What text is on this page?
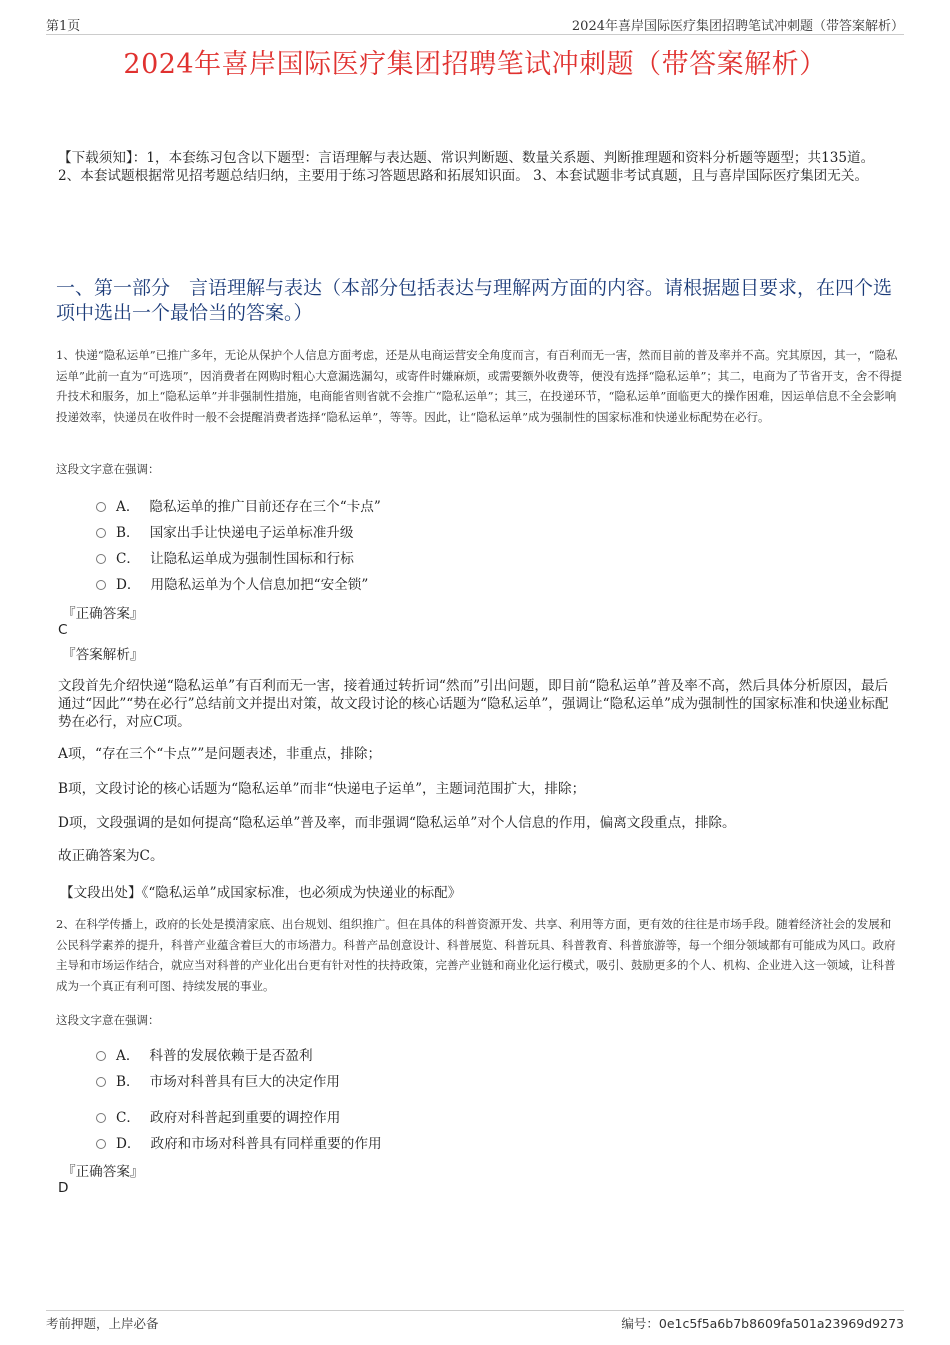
第1页	2024年喜岸国际医疗集团招聘笔试冲刺题（带答案解析）
2024年喜岸国际医疗集团招聘笔试冲刺题（带答案解析）
【下载须知】：1，本套练习包含以下题型：言语理解与表达题、常识判断题、数量关系题、判断推理题和资料分析题等题型；共135道。 2、本套试题根据常见招考题总结归纳，主要用于练习答题思路和拓展知识面。 3、本套试题非考试真题，且与喜岸国际医疗集团无关。
一、第一部分　言语理解与表达（本部分包括表达与理解两方面的内容。请根据题目要求，在四个选项中选出一个最恰当的答案。）
1、快递“隐私运单”已推广多年，无论从保护个人信息方面考虑，还是从电商运营安全角度而言，有百利而无一害，然而目前的普及率并不高。究其原因，其一，“隐私运单”此前一直为“可选项”，因消费者在网购时粗心大意漏选漏勾，或寄件时嫌麻烦，或需要额外收费等，便没有选择“隐私运单”；其二，电商为了节省开支，舍不得提升技术和服务，加上“隐私运单”并非强制性措施，电商能省则省就不会推广“隐私运单”；其三，在投递环节，“隐私运单”面临更大的操作困难，因运单信息不全会影响投递效率，快递员在收件时一般不会提醒消费者选择“隐私运单”，等等。因此，让“隐私运单”成为强制性的国家标准和快递业标配势在必行。
这段文字意在强调：
A． 隐私运单的推广目前还存在三个“卡点”
B． 国家出手让快递电子运单标准升级
C． 让隐私运单成为强制性国标和行标
D． 用隐私运单为个人信息加把“安全锁”
『正确答案』
C
『答案解析』
文段首先介绍快递“隐私运单”有百利而无一害，接着通过转折词“然而”引出问题，即目前“隐私运单”普及率不高，然后具体分析原因，最后通过“因此”“势在必行”总结前文并提出对策，故文段讨论的核心话题为“隐私运单”，强调让“隐私运单”成为强制性的国家标准和快递业标配势在必行，对应C项。
A项，“存在三个“卡点””是问题表述，非重点，排除；
B项，文段讨论的核心话题为“隐私运单”而非“快递电子运单”，主题词范围扩大，排除；
D项，文段强调的是如何提高“隐私运单”普及率，而非强调“隐私运单”对个人信息的作用，偏离文段重点，排除。
故正确答案为C。
【文段出处】《“隐私运单”成国家标准，也必须成为快递业的标配》
2、在科学传播上，政府的长处是摸清家底、出台规划、组织推广。但在具体的科普资源开发、共享、利用等方面，更有效的往往是市场手段。随着经济社会的发展和公民科学素养的提升，科普产业蕴含着巨大的市场潜力。科普产品创意设计、科普展览、科普玩具、科普教育、科普旅游等，每一个细分领域都有可能成为风口。政府主导和市场运作结合，就应当对科普的产业化出台更有针对性的扶持政策，完善产业链和商业化运行模式，吸引、鼓励更多的个人、机构、企业进入这一领域，让科普成为一个真正有利可图、持续发展的事业。
这段文字意在强调：
A． 科普的发展依赖于是否盈利
B． 市场对科普具有巨大的决定作用
C． 政府对科普起到重要的调控作用
D． 政府和市场对科普具有同样重要的作用
『正确答案』
D
考前押题，上岸必备	编号：0e1c5f5a6b7b8609fa501a23969d9273
